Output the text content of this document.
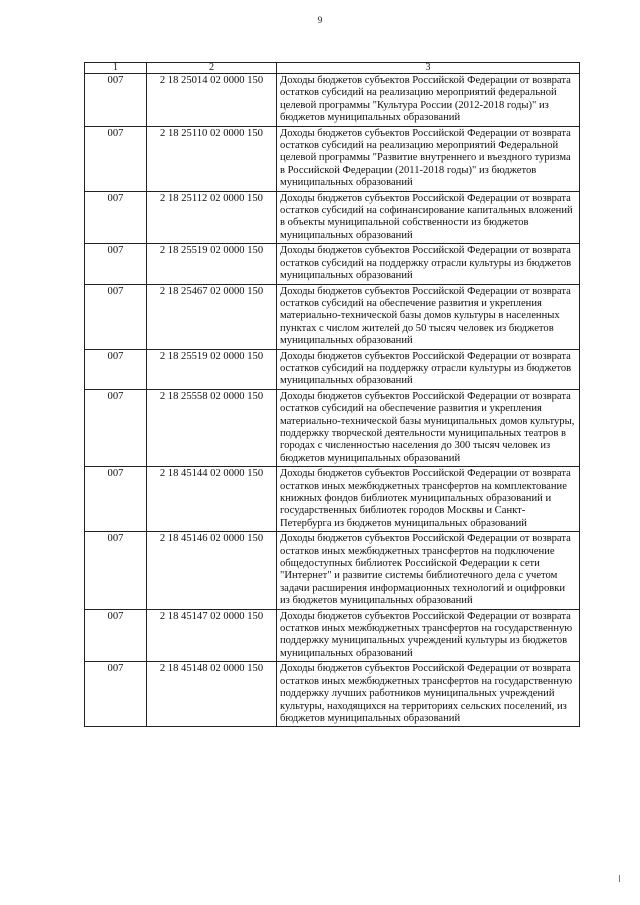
9
1	2	3
007	2 18 25014 02 0000 150	Доходы бюджетов субъектов Российской Федерации от возврата остатков субсидий на реализацию мероприятий федеральной целевой программы "Культура России (2012-2018 годы)" из бюджетов муниципальных образований
007	2 18 25110 02 0000 150	Доходы бюджетов субъектов Российской Федерации от возврата остатков субсидий на реализацию мероприятий Федеральной целевой программы "Развитие внутреннего и въездного туризма в Российской Федерации (2011-2018 годы)" из бюджетов муниципальных образований
007	2 18 25112 02 0000 150	Доходы бюджетов субъектов Российской Федерации от возврата остатков субсидий на софинансирование капитальных вложений в объекты муниципальной собственности из бюджетов муниципальных образований
007	2 18 25519 02 0000 150	Доходы бюджетов субъектов Российской Федерации от возврата остатков субсидий на поддержку отрасли культуры из бюджетов муниципальных образований
007	2 18 25467 02 0000 150	Доходы бюджетов субъектов Российской Федерации от возврата остатков субсидий на обеспечение развития и укрепления материально-технической базы домов культуры в населенных пунктах с числом жителей до 50 тысяч человек из бюджетов муниципальных образований
007	2 18 25519 02 0000 150	Доходы бюджетов субъектов Российской Федерации от возврата остатков субсидий на поддержку отрасли культуры из бюджетов муниципальных образований
007	2 18 25558 02 0000 150	Доходы бюджетов субъектов Российской Федерации от возврата остатков субсидий на обеспечение развития и укрепления материально-технической базы муниципальных домов культуры, поддержку творческой деятельности муниципальных театров в городах с численностью населения до 300 тысяч человек из бюджетов муниципальных образований
007	2 18 45144 02 0000 150	Доходы бюджетов субъектов Российской Федерации от возврата остатков иных межбюджетных трансфертов на комплектование книжных фондов библиотек муниципальных образований и государственных библиотек городов Москвы и Санкт-Петербурга из бюджетов муниципальных образований
007	2 18 45146 02 0000 150	Доходы бюджетов субъектов Российской Федерации от возврата остатков иных межбюджетных трансфертов на подключение общедоступных библиотек Российской Федерации к сети "Интернет" и развитие системы библиотечного дела с учетом задачи расширения информационных технологий и оцифровки из бюджетов муниципальных образований
007	2 18 45147 02 0000 150	Доходы бюджетов субъектов Российской Федерации от возврата остатков иных межбюджетных трансфертов на государственную поддержку муниципальных учреждений культуры из бюджетов муниципальных образований
007	2 18 45148 02 0000 150	Доходы бюджетов субъектов Российской Федерации от возврата остатков иных межбюджетных трансфертов на государственную поддержку лучших работников муниципальных учреждений культуры, находящихся на территориях сельских поселений, из бюджетов муниципальных образований
